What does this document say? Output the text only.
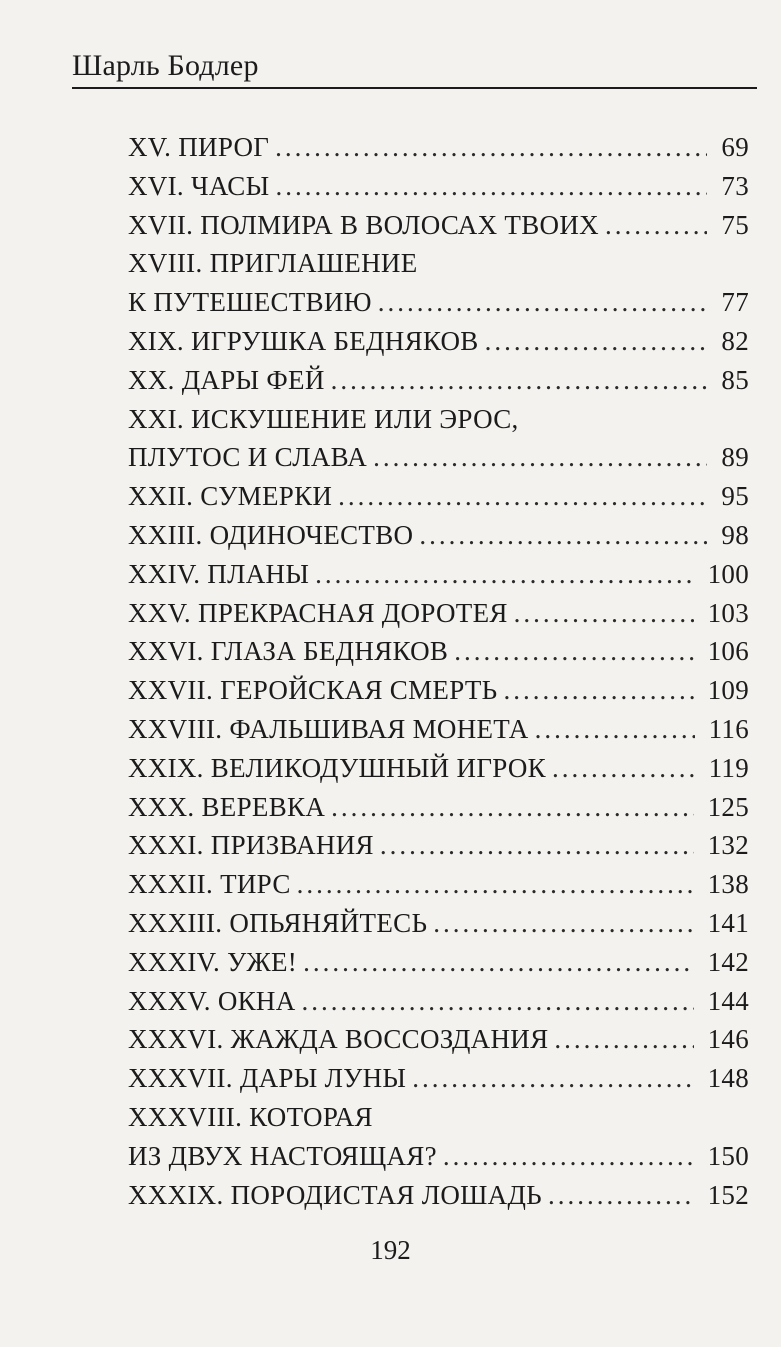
Шарль Бодлер
XV. ПИРОГ .....	69
XVI. ЧАСЫ .....	73
XVII. ПОЛМИРА В ВОЛОСАХ ТВОИХ .....	75
XVIII. ПРИГЛАШЕНИЕ
К ПУТЕШЕСТВИЮ .....	77
XIX. ИГРУШКА БЕДНЯКОВ .....	82
XX. ДАРЫ ФЕЙ .....	85
XXI. ИСКУШЕНИЕ ИЛИ ЭРОС,
ПЛУТОС И СЛАВА .....	89
XXII. СУМЕРКИ .....	95
XXIII. ОДИНОЧЕСТВО .....	98
XXIV. ПЛАНЫ .....	100
XXV. ПРЕКРАСНАЯ ДОРОТЕЯ .....	103
XXVI. ГЛАЗА БЕДНЯКОВ .....	106
XXVII. ГЕРОЙСКАЯ СМЕРТЬ .....	109
XXVIII. ФАЛЬШИВАЯ МОНЕТА .....	116
XXIX. ВЕЛИКОДУШНЫЙ ИГРОК .....	119
XXX. ВЕРЕВКА .....	125
XXXI. ПРИЗВАНИЯ .....	132
XXXII. ТИРС .....	138
XXXIII. ОПЬЯНЯЙТЕСЬ .....	141
XXXIV. УЖЕ! .....	142
XXXV. ОКНА .....	144
XXXVI. ЖАЖДА ВОССОЗДАНИЯ .....	146
XXXVII. ДАРЫ ЛУНЫ .....	148
XXXVIII. КОТОРАЯ
ИЗ ДВУХ НАСТОЯЩАЯ? .....	150
XXXIX. ПОРОДИСТАЯ ЛОШАДЬ .....	152
192
